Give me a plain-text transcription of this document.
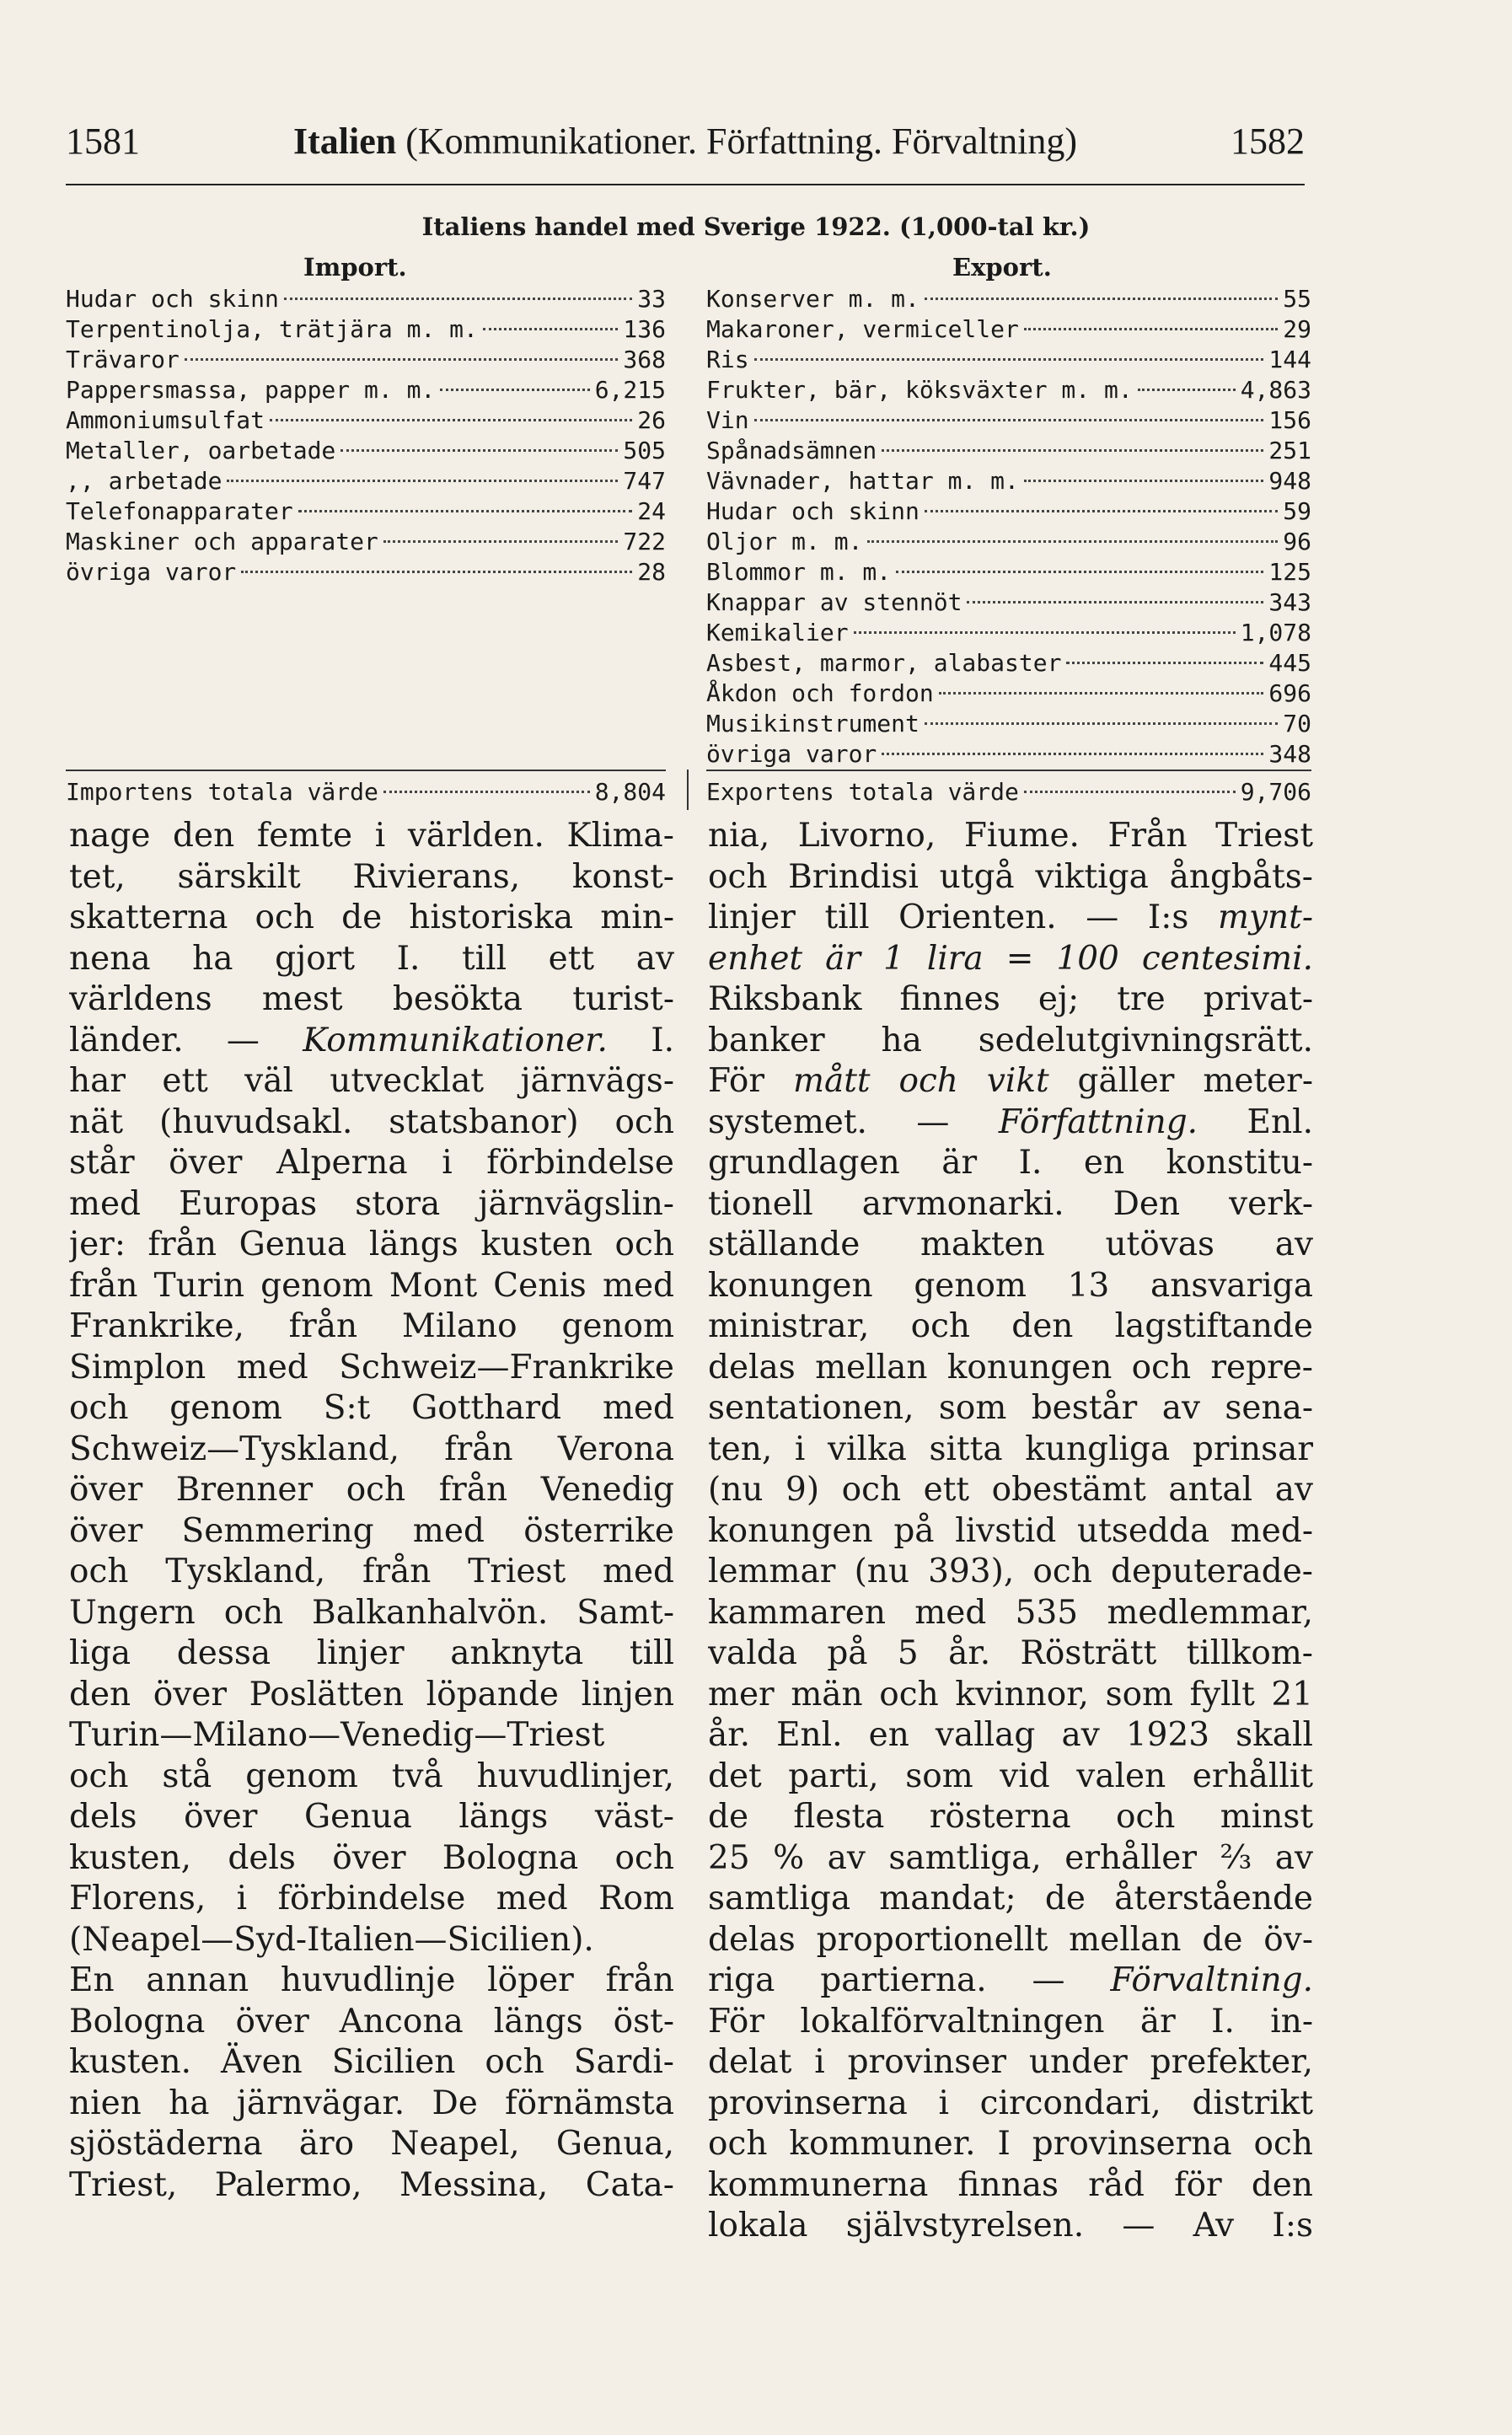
1581	Italien (Kommunikationer. Författning. Förvaltning)	1582
Italiens handel med Sverige 1922. (1,000-tal kr.)
Import.	Export.
Hudar och skinn	33
Terpentinolja, trätjära m. m.	136
Trävaror	368
Pappersmassa, papper m. m.	6,215
Ammoniumsulfat	26
Metaller, oarbetade	505
,, arbetade	747
Telefonapparater	24
Maskiner och apparater	722
övriga varor	28
Konserver m. m.	55
Makaroner, vermiceller	29
Ris	144
Frukter, bär, köksväxter m. m.	4,863
Vin	156
Spånadsämnen	251
Vävnader, hattar m. m.	948
Hudar och skinn	59
Oljor m. m.	96
Blommor m. m.	125
Knappar av stennöt	343
Kemikalier	1,078
Asbest, marmor, alabaster	445
Åkdon och fordon	696
Musikinstrument	70
övriga varor	348
Importens totala värde	8,804 Exportens totala värde	9,706
nage den femte i världen. Klima-
tet, särskilt Rivierans, konst-
skatterna och de historiska min-
nena ha gjort I. till ett av
världens mest besökta turist-
länder. — Kommunikationer. I.
har ett väl utvecklat järnvägs-
nät (huvudsakl. statsbanor) och
står över Alperna i förbindelse
med Europas stora järnvägslin-
jer: från Genua längs kusten och
från Turin genom Mont Cenis med
Frankrike, från Milano genom
Simplon med Schweiz—Frankrike
och genom S:t Gotthard med
Schweiz—Tyskland, från Verona
över Brenner och från Venedig
över Semmering med österrike
och Tyskland, från Triest med
Ungern och Balkanhalvön. Samt-
liga dessa linjer anknyta till
den över Poslätten löpande linjen
Turin—Milano—Venedig—Triest
och stå genom två huvudlinjer,
dels över Genua längs väst-
kusten, dels över Bologna och
Florens, i förbindelse med Rom
(Neapel—Syd-Italien—Sicilien).
En annan huvudlinje löper från
Bologna över Ancona längs öst-
kusten. Även Sicilien och Sardi-
nien ha järnvägar. De förnämsta
sjöstäderna äro Neapel, Genua,
Triest, Palermo, Messina, Cata-
nia, Livorno, Fiume. Från Triest
och Brindisi utgå viktiga ångbåts-
linjer till Orienten. — I:s mynt-
enhet är 1 lira = 100 centesimi.
Riksbank finnes ej; tre privat-
banker ha sedelutgivningsrätt.
För mått och vikt gäller meter-
systemet. — Författning. Enl.
grundlagen är I. en konstitu-
tionell arvmonarki. Den verk-
ställande makten utövas av
konungen genom 13 ansvariga
ministrar, och den lagstiftande
delas mellan konungen och repre-
sentationen, som består av sena-
ten, i vilka sitta kungliga prinsar
(nu 9) och ett obestämt antal av
konungen på livstid utsedda med-
lemmar (nu 393), och deputerade-
kammaren med 535 medlemmar,
valda på 5 år. Rösträtt tillkom-
mer män och kvinnor, som fyllt 21
år. Enl. en vallag av 1923 skall
det parti, som vid valen erhållit
de flesta rösterna och minst
25 % av samtliga, erhåller ⅔ av
samtliga mandat; de återstående
delas proportionellt mellan de öv-
riga partierna. — Förvaltning.
För lokalförvaltningen är I. in-
delat i provinser under prefekter,
provinserna i circondari, distrikt
och kommuner. I provinserna och
kommunerna finnas råd för den
lokala självstyrelsen. — Av I:s
